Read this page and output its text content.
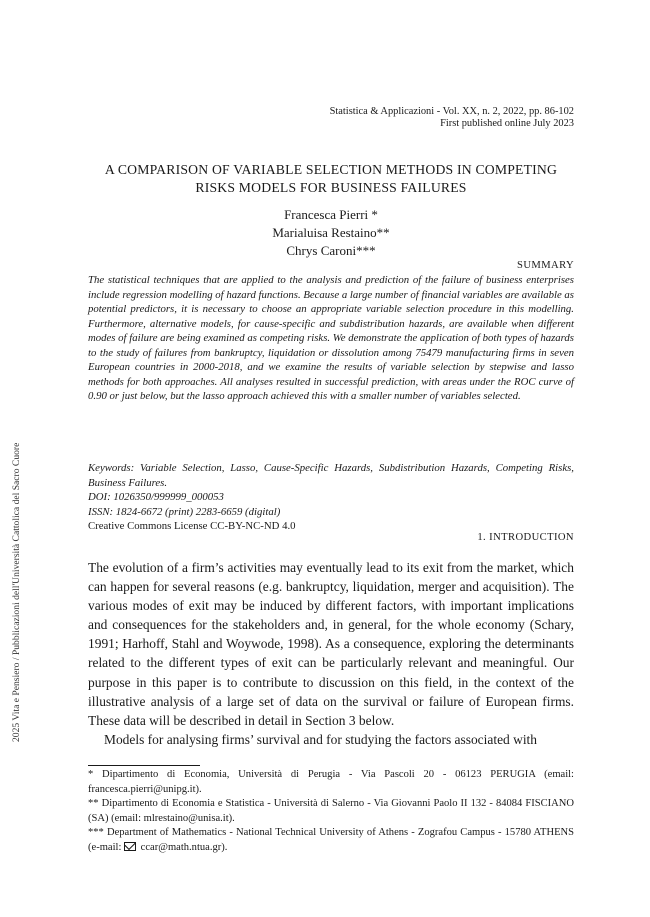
2025 Vita e Pensiero / Pubblicazioni dell'Università Cattolica del Sacro Cuore
Statistica & Applicazioni - Vol. XX, n. 2, 2022, pp. 86-102
First published online July 2023
A COMPARISON OF VARIABLE SELECTION METHODS IN COMPETING
RISKS MODELS FOR BUSINESS FAILURES
Francesca Pierri *
Marialuisa Restaino**
Chrys Caroni***
SUMMARY

The statistical techniques that are applied to the analysis and prediction of the failure of business enterprises include regression modelling of hazard functions. Because a large number of financial variables are available as potential predictors, it is necessary to choose an appropriate variable selection procedure in this modelling. Furthermore, alternative models, for cause-specific and subdistribution hazards, are available when different modes of failure are being examined as competing risks. We demonstrate the application of both types of hazards to the study of failures from bankruptcy, liquidation or dissolution among 75479 manufacturing firms in seven European countries in 2000-2018, and we examine the results of variable selection by stepwise and lasso methods for both approaches. All analyses resulted in successful prediction, with areas under the ROC curve of 0.90 or just below, but the lasso approach achieved this with a smaller number of variables selected.

Keywords: Variable Selection, Lasso, Cause-Specific Hazards, Subdistribution Hazards, Competing Risks, Business Failures.
DOI: 1026350/999999_000053
ISSN: 1824-6672 (print) 2283-6659 (digital)
Creative Commons License CC-BY-NC-ND 4.0
1. INTRODUCTION

The evolution of a firm’s activities may eventually lead to its exit from the market, which can happen for several reasons (e.g. bankruptcy, liquidation, merger and acquisition). The various modes of exit may be induced by different factors, with important implications and consequences for the stakeholders and, in general, for the whole economy (Schary, 1991; Harhoff, Stahl and Woywode, 1998). As a consequence, exploring the determinants related to the different types of exit can be particularly relevant and meaningful. Our purpose in this paper is to contribute to discussion on this field, in the context of the illustrative analysis of a large set of data on the survival or failure of European firms. These data will be described in detail in Section 3 below.

Models for analysing firms’ survival and for studying the factors associated with

* Dipartimento di Economia, Università di Perugia - Via Pascoli 20 - 06123 PERUGIA (email: francesca.pierri@unipg.it).

** Dipartimento di Economia e Statistica - Università di Salerno - Via Giovanni Paolo II 132 - 84084 FISCIANO (SA) (email: mlrestaino@unisa.it).

*** Department of Mathematics - National Technical University of Athens - Zografou Campus - 15780 ATHENS (e-mail: ccar@math.ntua.gr).
